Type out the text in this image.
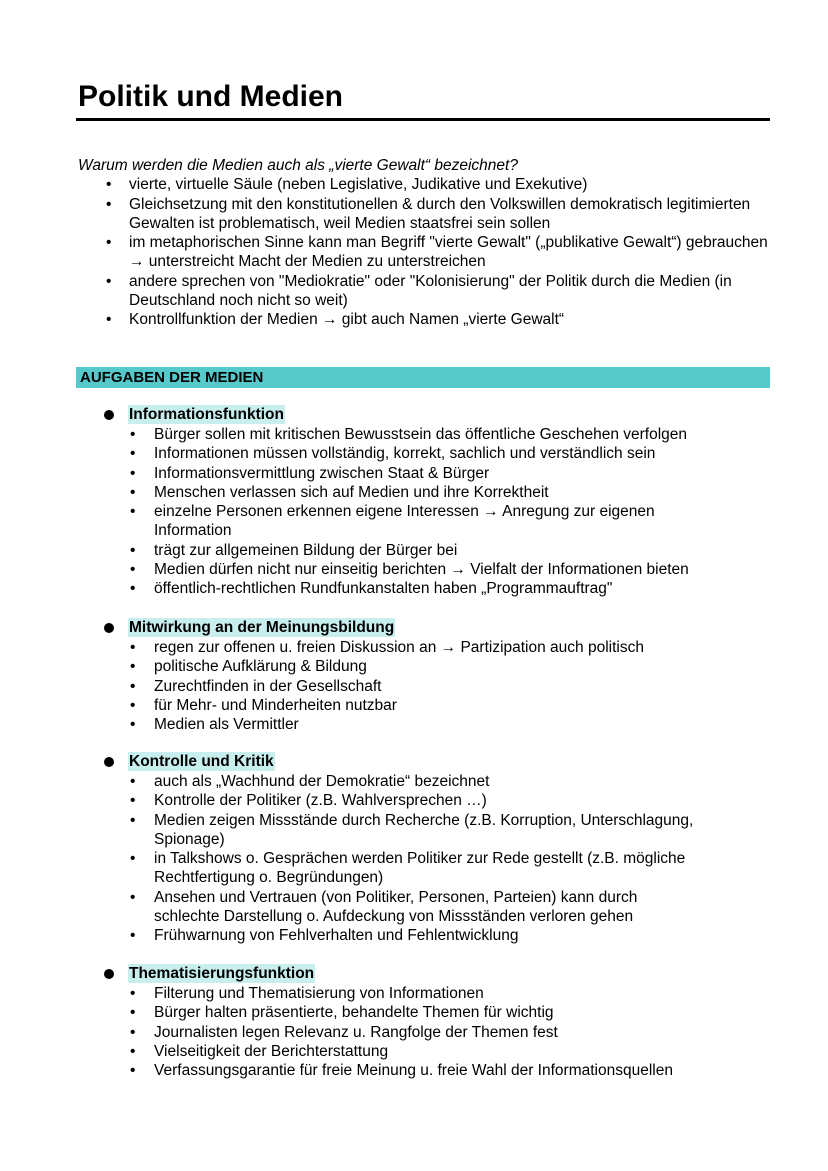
Politik und Medien
Warum werden die Medien auch als „vierte Gewalt“ bezeichnet?
• vierte, virtuelle Säule (neben Legislative, Judikative und Exekutive)
• Gleichsetzung mit den konstitutionellen & durch den Volkswillen demokratisch legitimierten Gewalten ist problematisch, weil Medien staatsfrei sein sollen
• im metaphorischen Sinne kann man Begriff "vierte Gewalt" („publikative Gewalt“) gebrauchen → unterstreicht Macht der Medien zu unterstreichen
• andere sprechen von "Mediokratie" oder "Kolonisierung" der Politik durch die Medien (in Deutschland noch nicht so weit)
• Kontrollfunktion der Medien → gibt auch Namen „vierte Gewalt“
AUFGABEN DER MEDIEN
Informationsfunktion
• Bürger sollen mit kritischen Bewusstsein das öffentliche Geschehen verfolgen
• Informationen müssen vollständig, korrekt, sachlich und verständlich sein
• Informationsvermittlung zwischen Staat & Bürger
• Menschen verlassen sich auf Medien und ihre Korrektheit
• einzelne Personen erkennen eigene Interessen → Anregung zur eigenen Information
• trägt zur allgemeinen Bildung der Bürger bei
• Medien dürfen nicht nur einseitig berichten → Vielfalt der Informationen bieten
• öffentlich-rechtlichen Rundfunkanstalten haben „Programmauftrag"
Mitwirkung an der Meinungsbildung
• regen zur offenen u. freien Diskussion an → Partizipation auch politisch
• politische Aufklärung & Bildung
• Zurechtfinden in der Gesellschaft
• für Mehr- und Minderheiten nutzbar
• Medien als Vermittler
Kontrolle und Kritik
• auch als „Wachhund der Demokratie“ bezeichnet
• Kontrolle der Politiker (z.B. Wahlversprechen …)
• Medien zeigen Missstände durch Recherche (z.B. Korruption, Unterschlagung, Spionage)
• in Talkshows o. Gesprächen werden Politiker zur Rede gestellt (z.B. mögliche Rechtfertigung o. Begründungen)
• Ansehen und Vertrauen (von Politiker, Personen, Parteien) kann durch schlechte Darstellung o. Aufdeckung von Missständen verloren gehen
• Frühwarnung von Fehlverhalten und Fehlentwicklung
Thematisierungsfunktion
• Filterung und Thematisierung von Informationen
• Bürger halten präsentierte, behandelte Themen für wichtig
• Journalisten legen Relevanz u. Rangfolge der Themen fest
• Vielseitigkeit der Berichterstattung
• Verfassungsgarantie für freie Meinung u. freie Wahl der Informationsquellen
